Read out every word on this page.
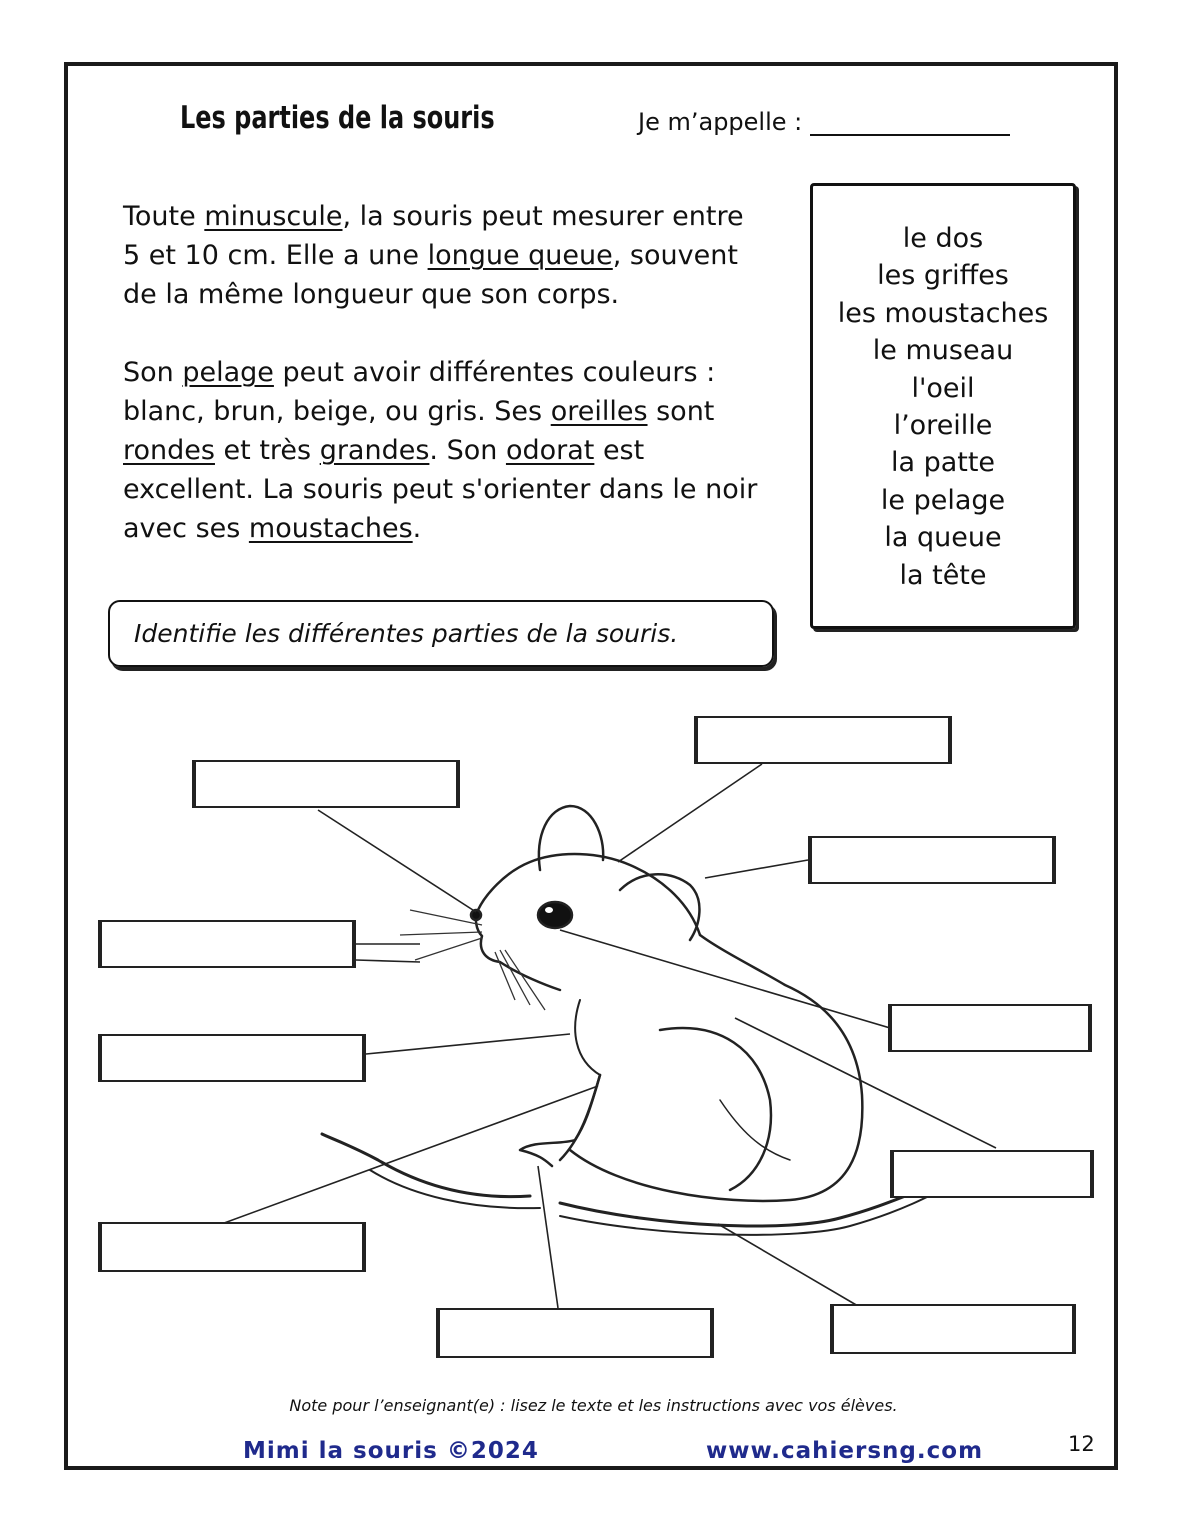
Les parties de la souris	Je m’appelle :
Toute minuscule, la souris peut mesurer entre 5 et 10 cm. Elle a une longue queue, souvent de la même longueur que son corps.
Son pelage peut avoir différentes couleurs : blanc, brun, beige, ou gris. Ses oreilles sont rondes et très grandes. Son odorat est excellent. La souris peut s'orienter dans le noir avec ses moustaches.
le dos
les griffes
les moustaches
le museau
l'oeil
l’oreille
la patte
le pelage
la queue
la tête
Identifie les différentes parties de la souris.
Note pour l’enseignant(e) : lisez le texte et les instructions avec vos élèves.
Mimi la souris ©2024	www.cahiersng.com	12
